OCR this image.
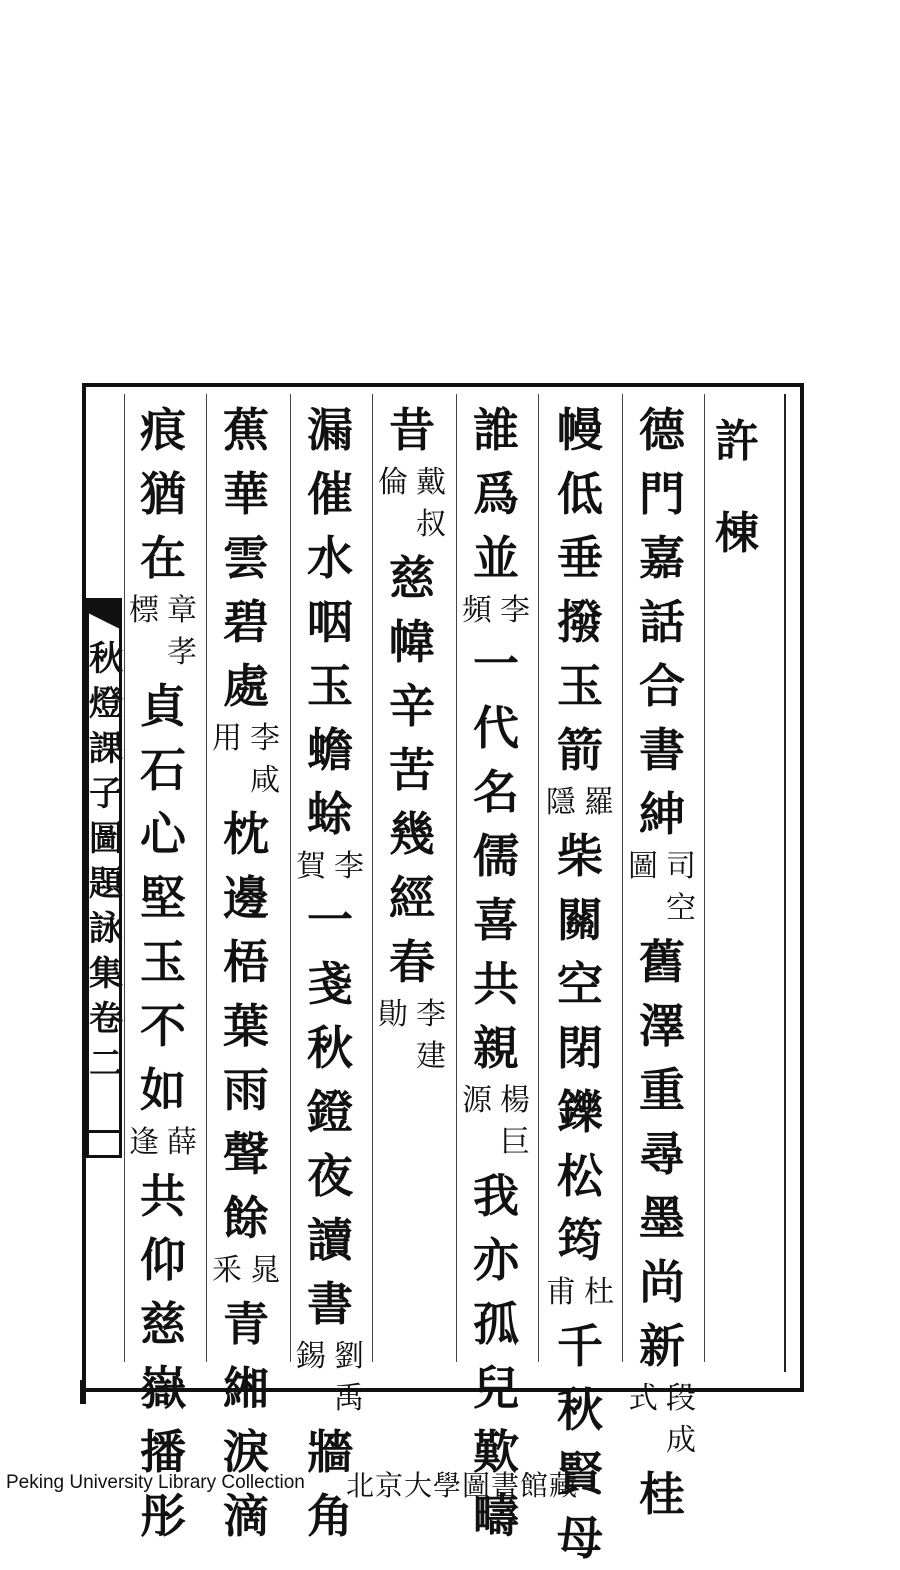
許
棟
德
門
嘉
話
合
書
紳
司
空
圖
舊
澤
重
尋
墨
尚
新
段
成
式
桂
幔
低
垂
撥
玉
箭
羅
隱
柴
關
空
閉
鑠
松
筠
杜
甫
千
秋
賢
母
誰
爲
並
李
頻
一
代
名
儒
喜
共
親
楊
巨
源
我
亦
孤
兒
歎
疇
昔
戴
叔
倫
慈
幃
辛
苦
幾
經
春
李
建
勛
漏
催
水
咽
玉
蟾
蜍
李
賀
一
戔
秋
鐙
夜
讀
書
劉
禹
錫
牆
角
蕉
華
雲
碧
處
李
咸
用
枕
邊
梧
葉
雨
聲
餘
晁
釆
青
緗
淚
滴
痕
猶
在
章
孝
標
貞
石
心
堅
玉
不
如
薛
逢
共
仰
慈
嶽
播
彤
秋
燈
課
子
圖
題
詠
集
卷
二
Peking University Library Collection 北京大學圖書館藏
